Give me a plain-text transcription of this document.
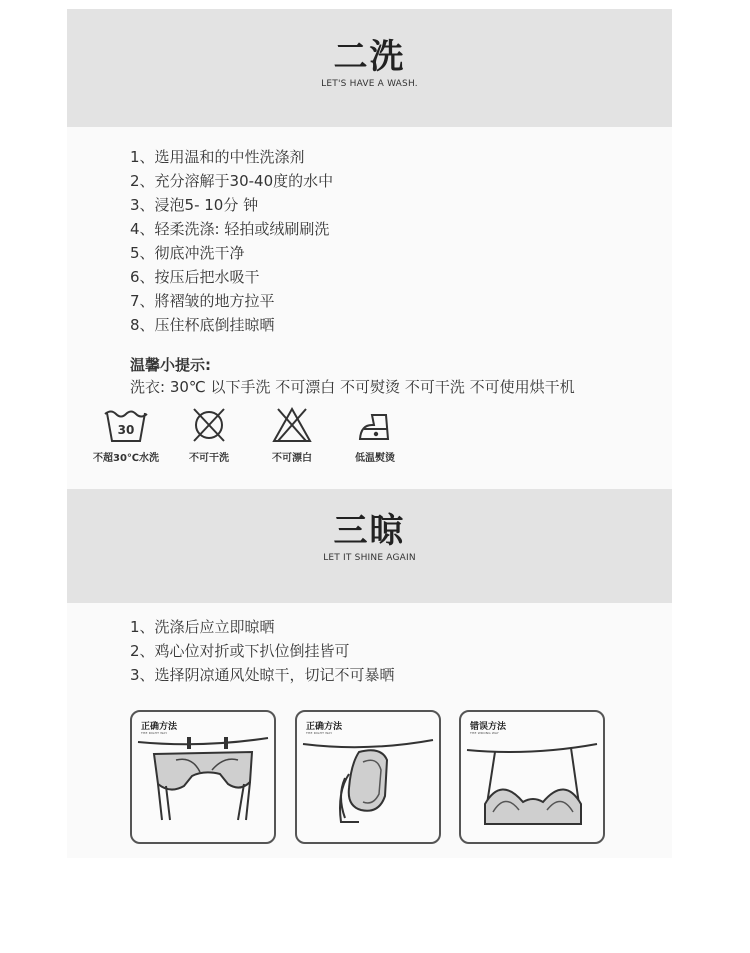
二洗
LET'S HAVE A WASH.
1、选用温和的中性洗涤剂
2、充分溶解于30-40度的水中
3、浸泡5- 10分 钟
4、轻柔洗涤: 轻拍或绒刷刷洗
5、彻底冲洗干净
6、按压后把水吸干
7、將褶皱的地方拉平
8、压住杯底倒挂晾晒
温馨小提示:
洗衣: 30℃ 以下手洗 不可漂白 不可熨烫 不可干洗 不可使用烘干机
30
不超30℃水洗	不可干洗	不可漂白	低温熨烫
三晾
LET IT SHINE AGAIN
1、洗涤后应立即晾晒
2、鸡心位对折或下扒位倒挂皆可
3、选择阴凉通风处晾干，切记不可暴晒
正确方法
THE RIGHT WAY
正确方法
THE RIGHT WAY
错误方法
THE WRONG WAY
